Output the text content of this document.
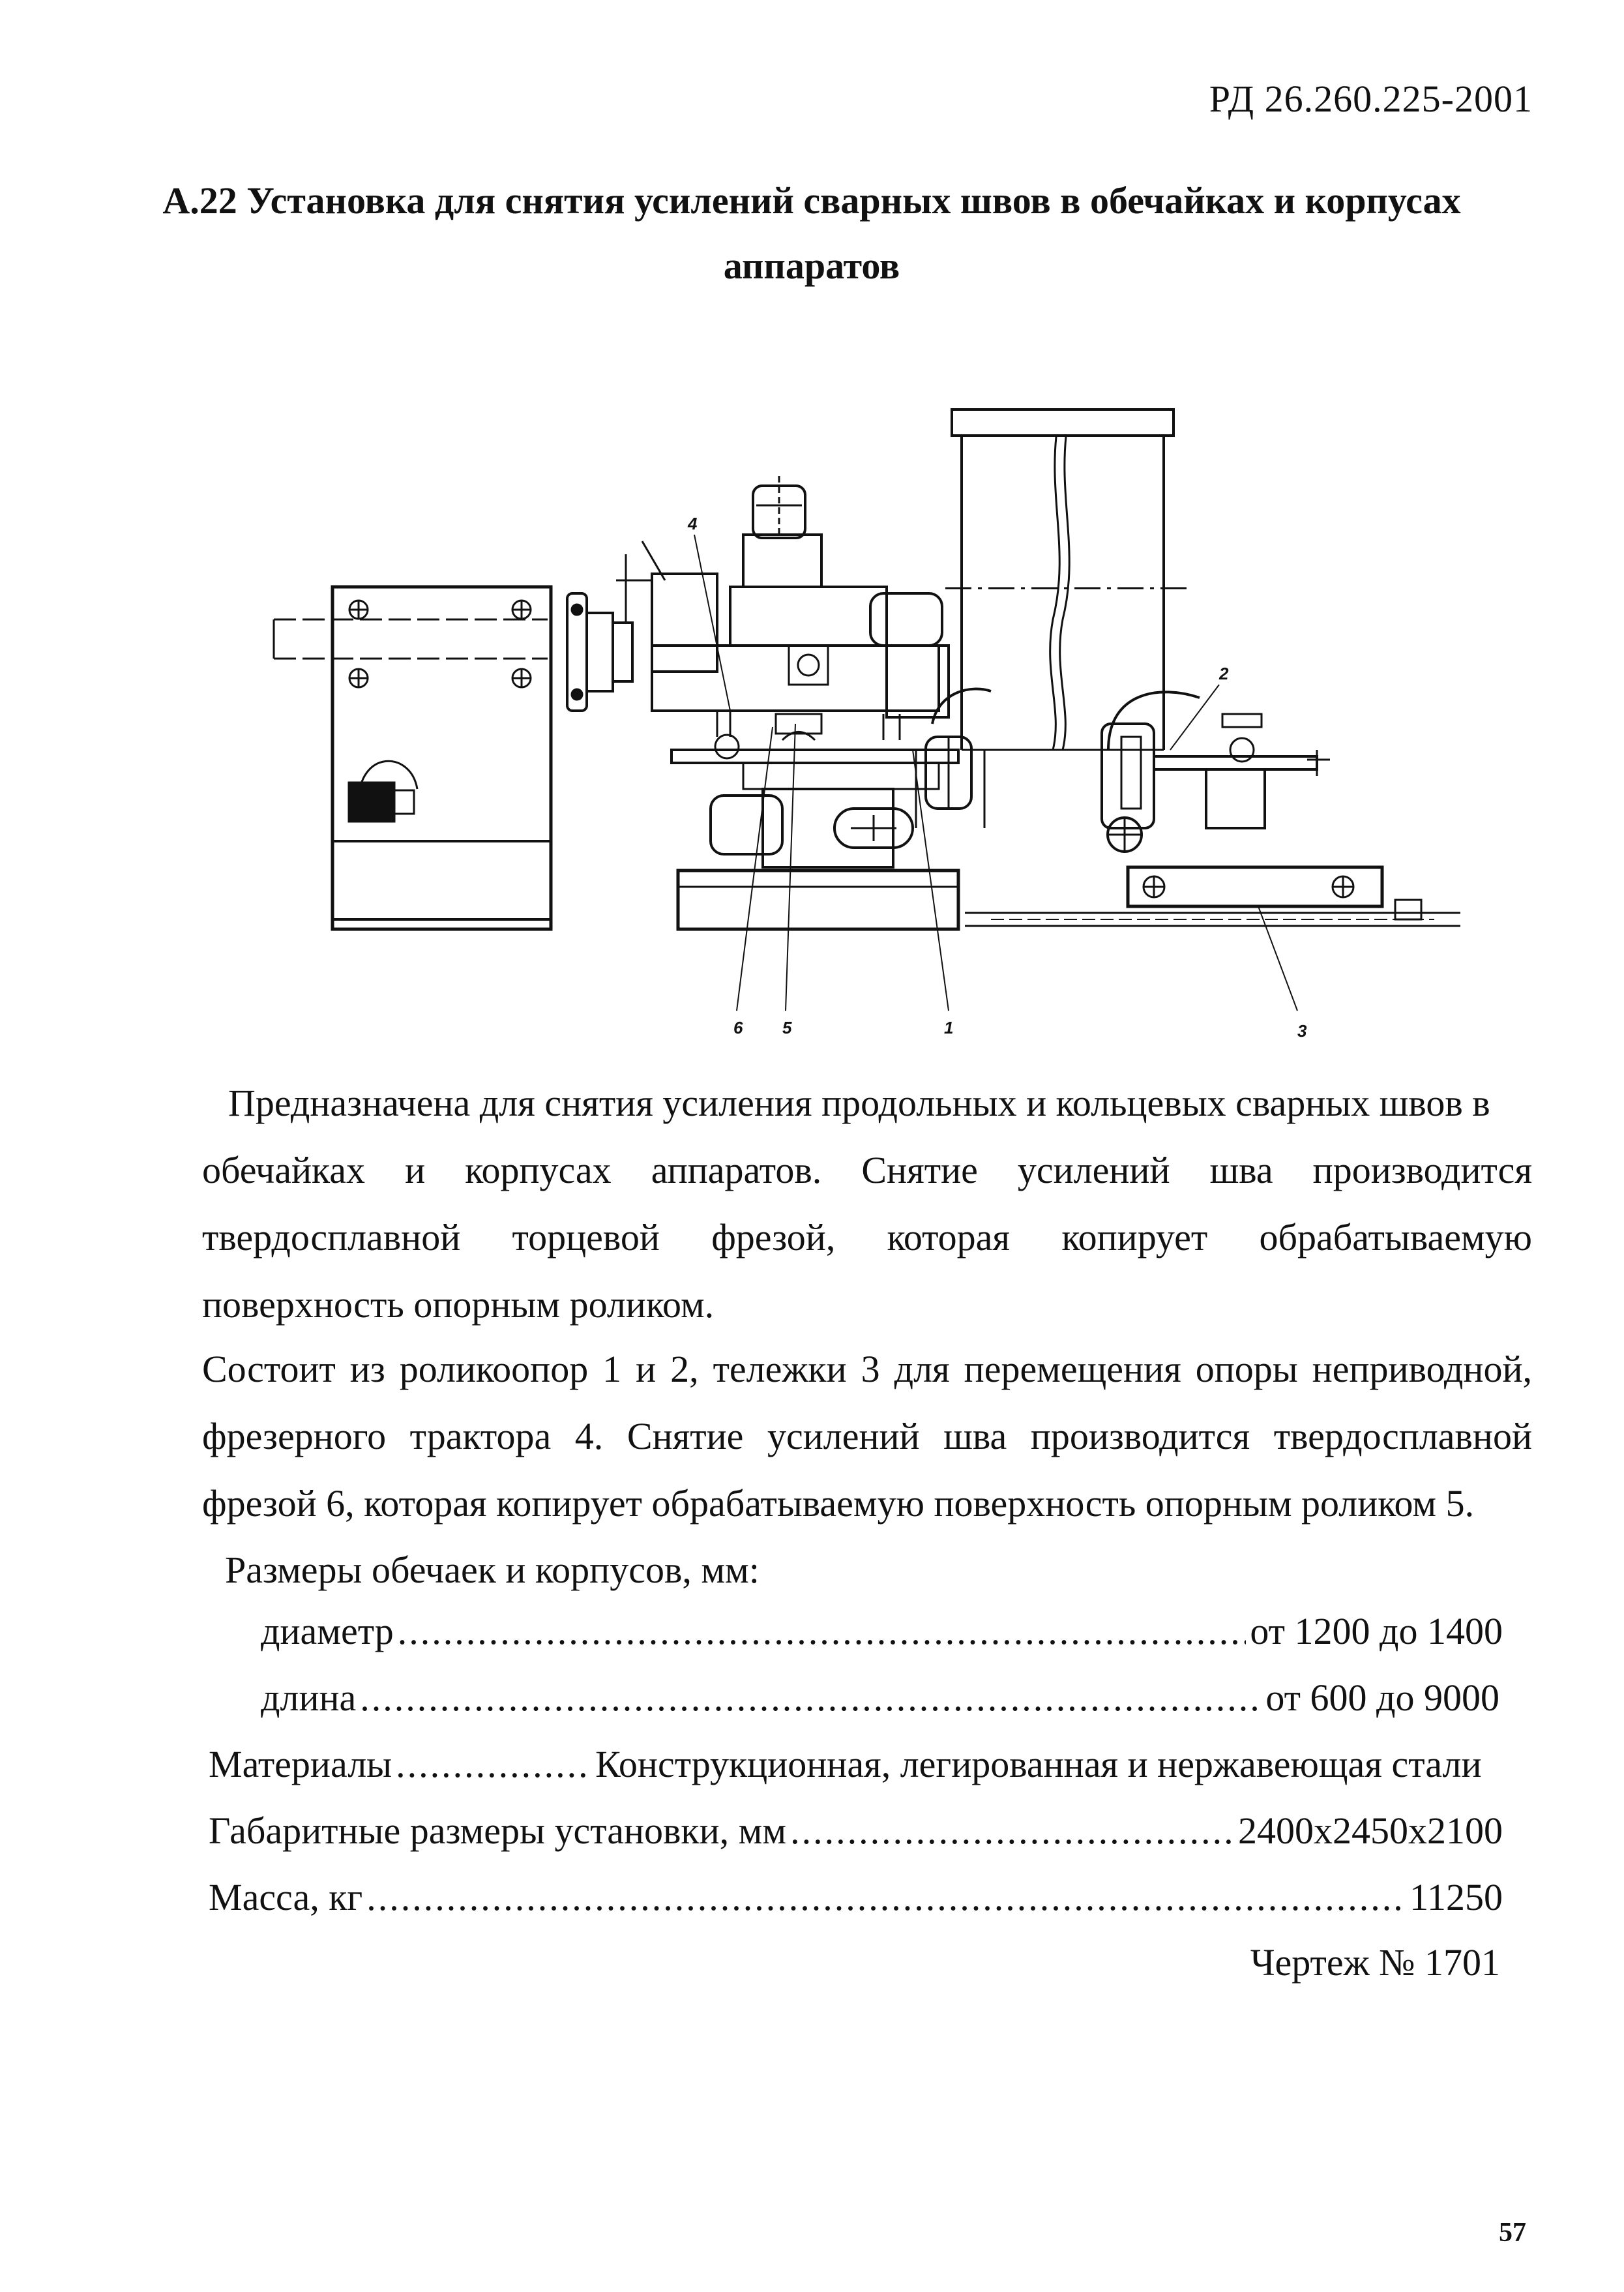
РД 26.260.225-2001
А.22 Установка для снятия усилений сварных швов в обечайках и корпусах
аппаратов
1
2
3
4
5
6
Предназначена для снятия усиления продольных и кольцевых сварных швов в
обечайках и корпусах аппаратов. Снятие усилений шва производится твердосплавной торцевой фрезой, которая копирует обрабатываемую поверхность опорным роликом.
Состоит из роликоопор 1 и 2, тележки 3 для перемещения опоры неприводной, фрезерного трактора 4. Снятие усилений шва производится твердосплавной фрезой 6, которая копирует обрабатываемую поверхность опорным роликом 5.
Размеры обечаек и корпусов, мм:
диаметр .....	от 1200 до 1400
длина .....	от 600 до 9000
Материалы .....	Конструкционная, легированная и нержавеющая стали
Габаритные размеры установки, мм .....	2400x2450x2100
Масса, кг .....	11250
Чертеж № 1701
57
